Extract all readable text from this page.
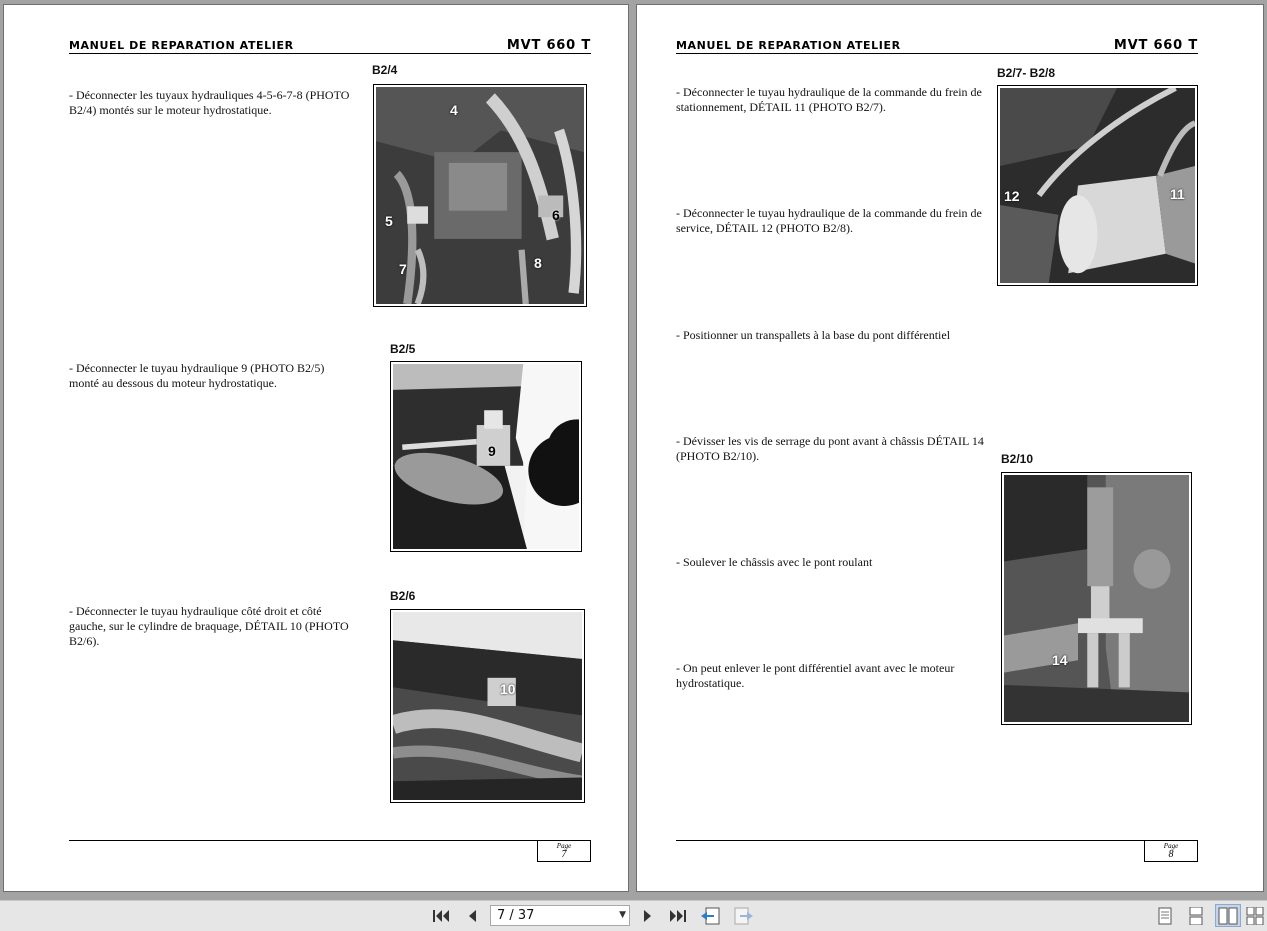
MANUEL DE REPARATION ATELIER	MVT 660 T
- Déconnecter les tuyaux hydrauliques 4-5-6-7-8 (PHOTO B2/4) montés sur le moteur hydrostatique.
B2/4
4
5	6
7	8
- Déconnecter le tuyau hydraulique 9 (PHOTO B2/5) monté au dessous du moteur hydrostatique.
B2/5
9
- Déconnecter le tuyau hydraulique côté droit et côté gauche, sur le cylindre de braquage, DÉTAIL 10 (PHOTO B2/6).
B2/6
10
Page
7
MANUEL DE REPARATION ATELIER	MVT 660 T
- Déconnecter le tuyau hydraulique de la commande du frein de stationnement, DÉTAIL 11 (PHOTO B2/7).
- Déconnecter le tuyau hydraulique de la commande du frein de service, DÉTAIL 12 (PHOTO B2/8).
- Positionner un transpallets à la base du pont différentiel
- Dévisser les vis de serrage du pont avant à châssis DÉTAIL 14 (PHOTO B2/10).
- Soulever le châssis avec le pont roulant
- On peut enlever le pont différentiel avant avec le moteur hydrostatique.
B2/7- B2/8
12	11
B2/10
14
Page
8
7 / 37	▼
